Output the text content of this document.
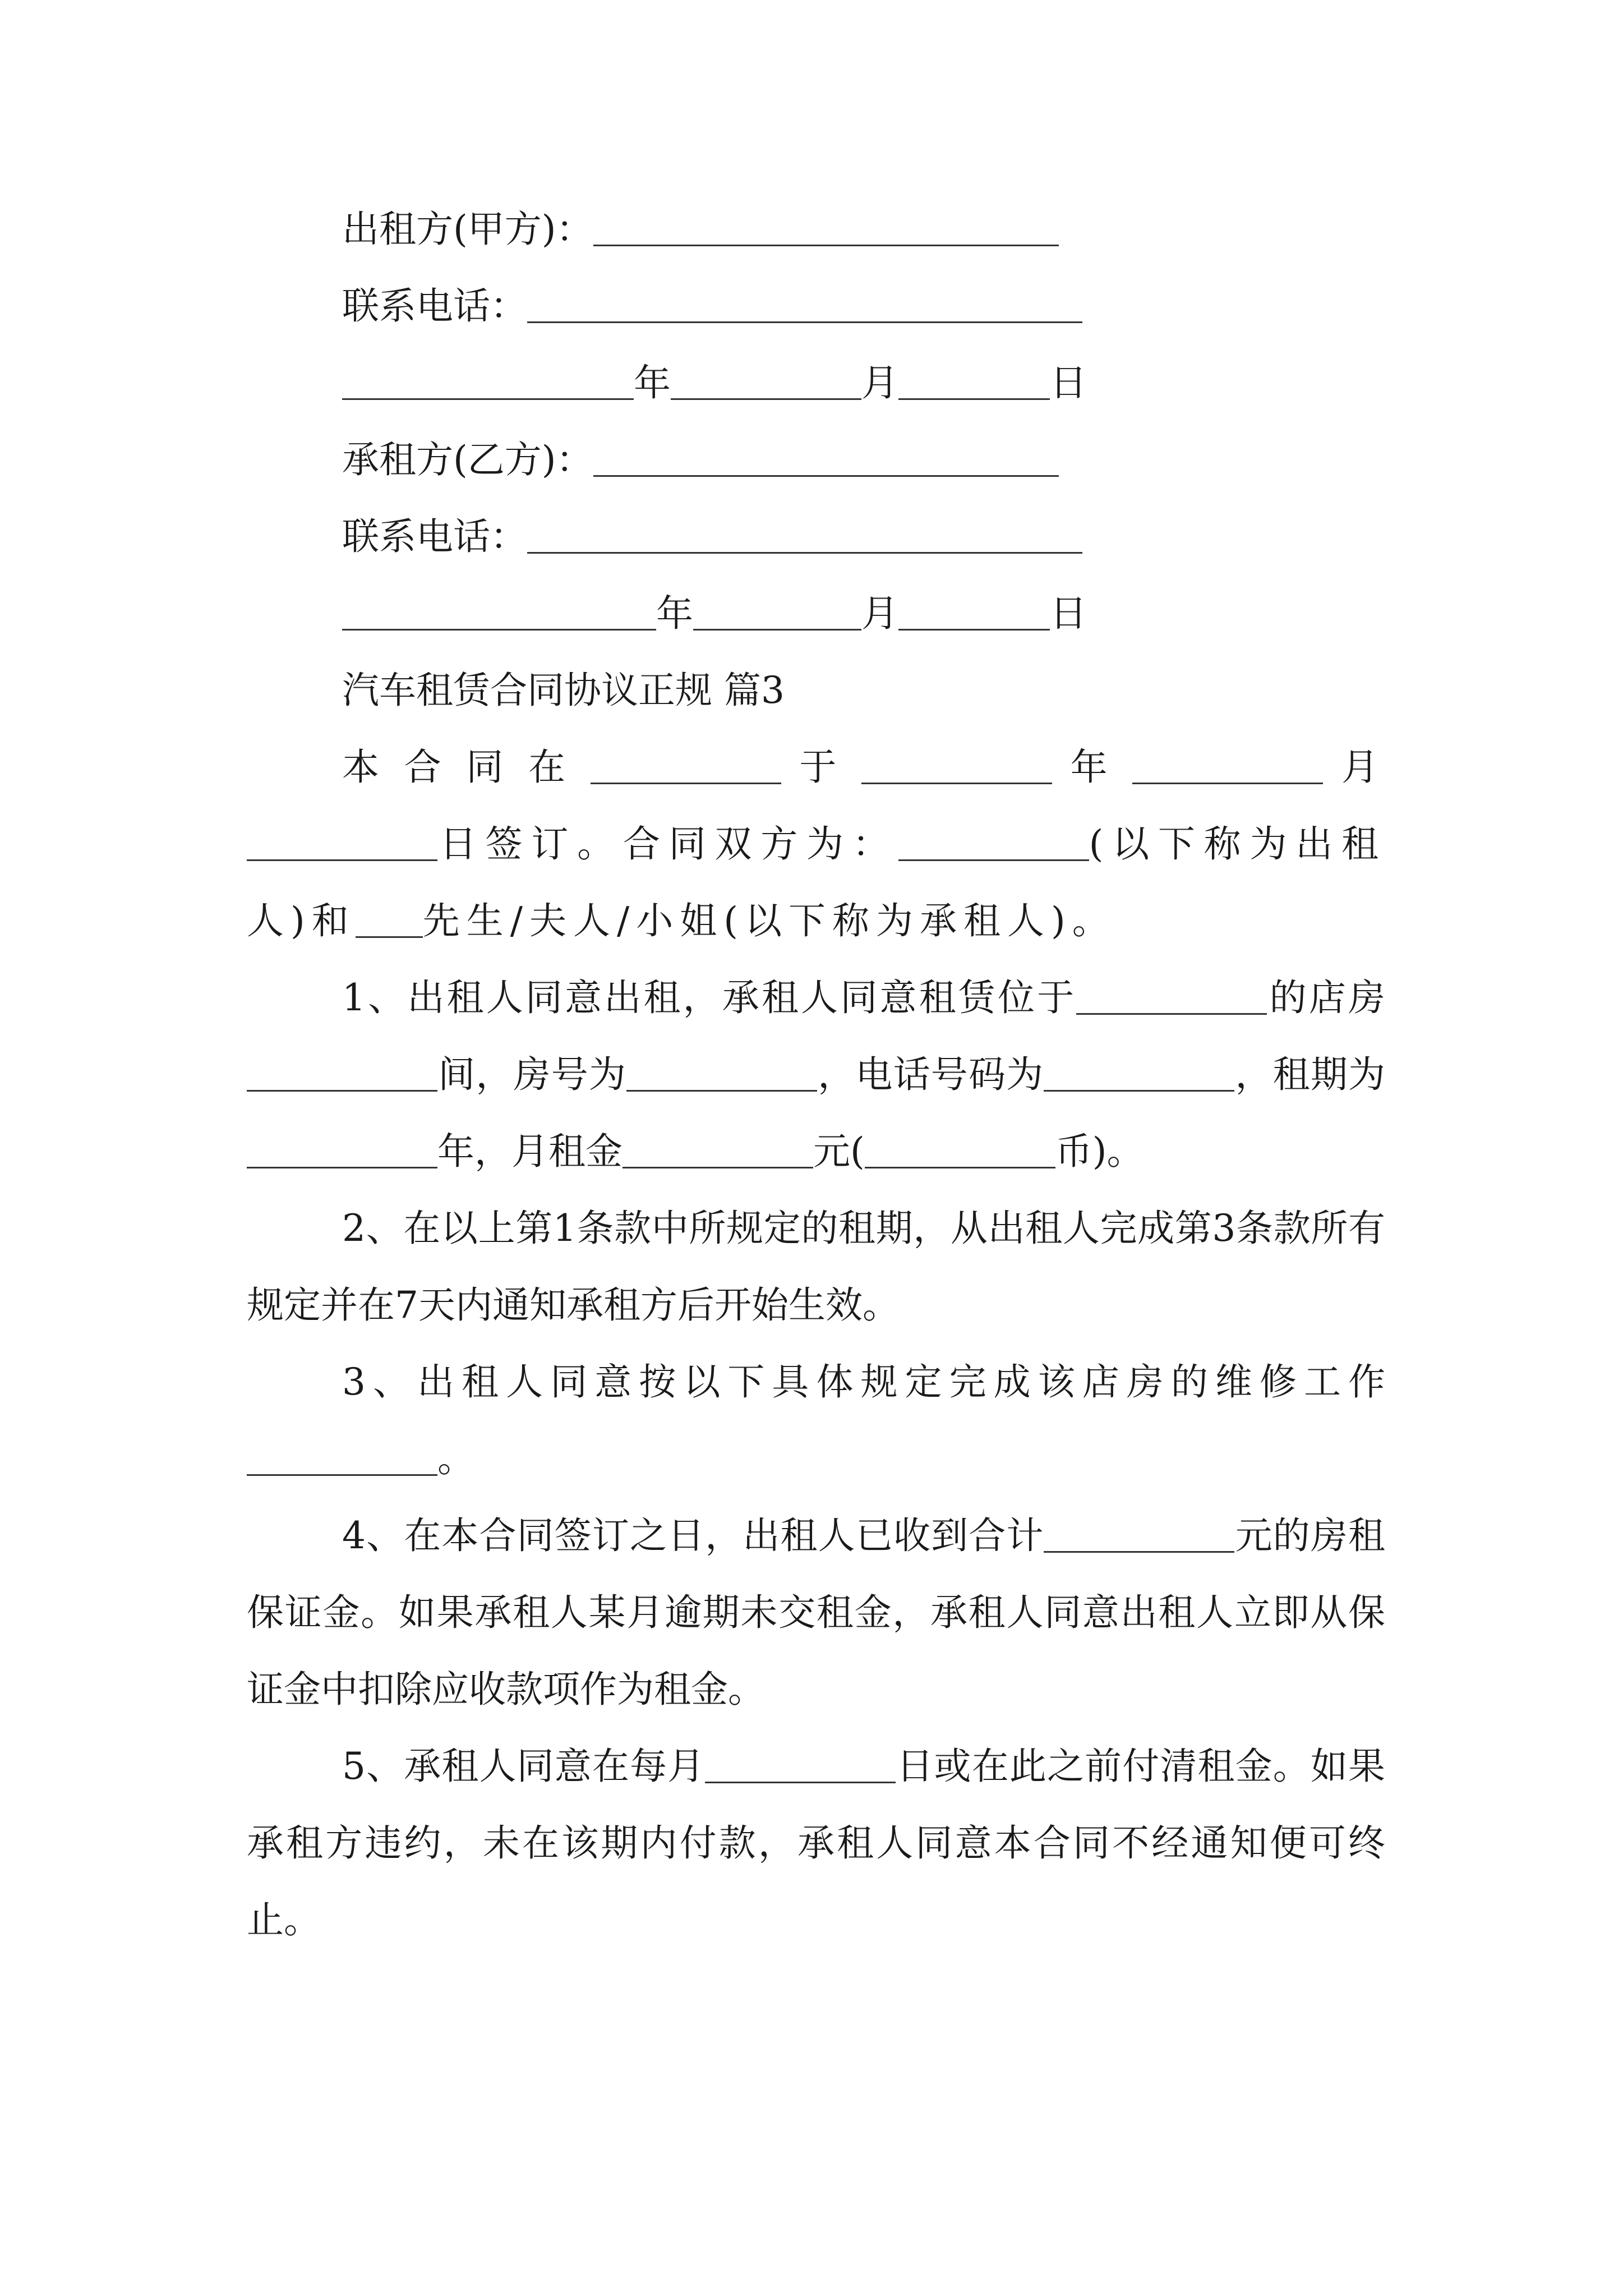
出租方(甲方)：
联系电话：
年	月	日
承租方(乙方)：
联系电话：
年	月	日
汽车租赁合同协议正规 篇3

本合同在	于	年	月日签订。合同双方为：	(以下称为出租人)和 先生/夫人/小姐(以下称为承租人)。

1、出租人同意出租，承租人同意租赁位于	的店房间，房号为	，电话号码为	，租期为年，月租金	元(	币)。

2、在以上第1条款中所规定的租期，从出租人完成第3条款所有规定并在7天内通知承租方后开始生效。

3、出租人同意按以下具体规定完成该店房的维修工作。

4、在本合同签订之日，出租人已收到合计	元的房租保证金。如果承租人某月逾期未交租金，承租人同意出租人立即从保证金中扣除应收款项作为租金。

5、承租人同意在每月	日或在此之前付清租金。如果承租方违约，未在该期内付款，承租人同意本合同不经通知便可终止。
